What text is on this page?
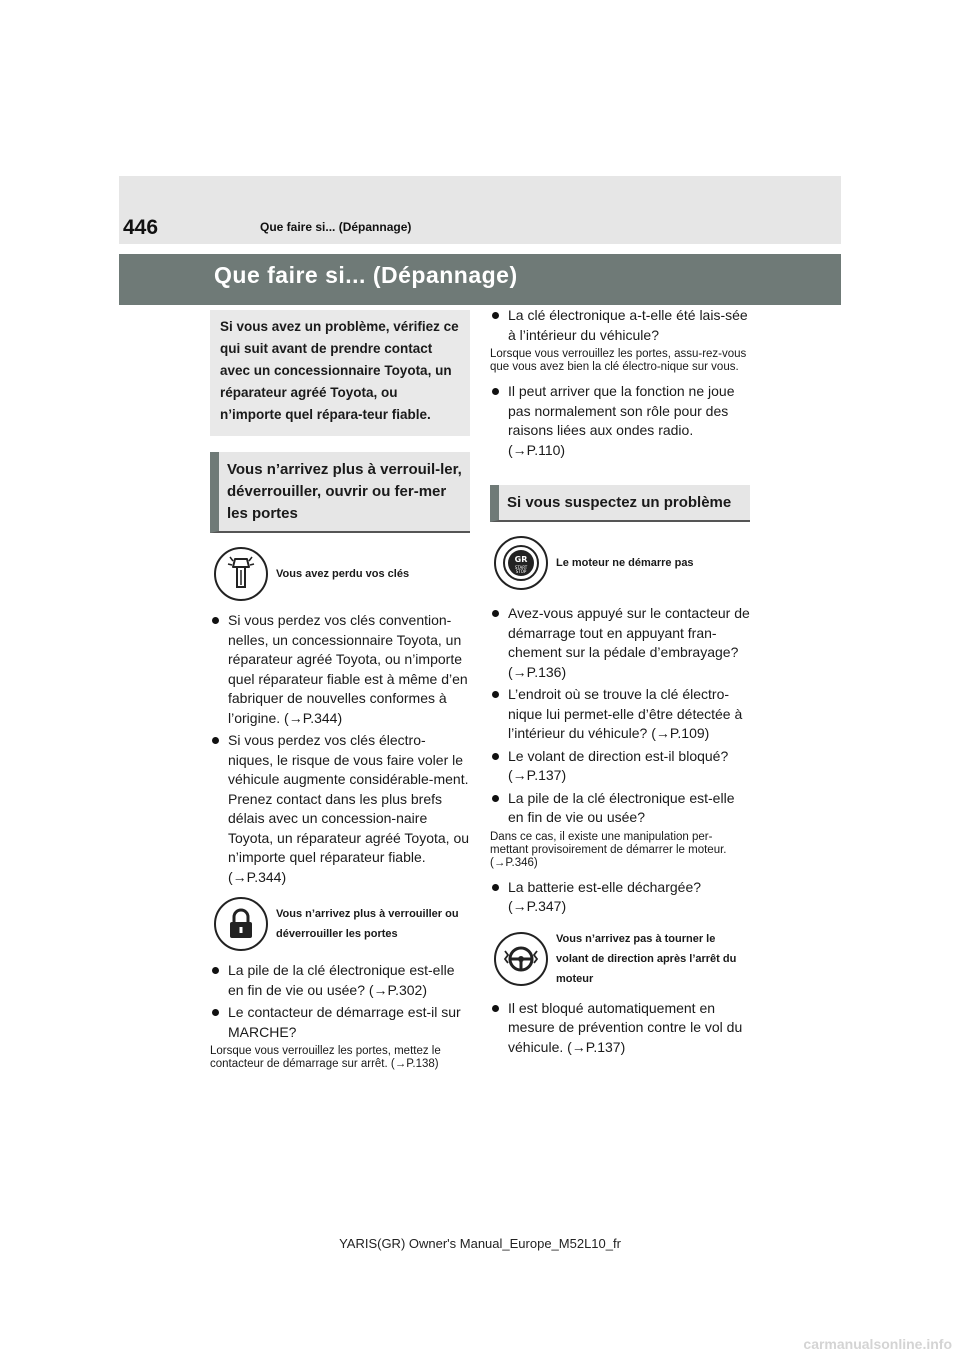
446	Que faire si... (Dépannage)
Que faire si... (Dépannage)
Si vous avez un problème, vérifiez ce qui suit avant de prendre contact avec un concessionnaire Toyota, un réparateur agréé Toyota, ou n’importe quel répara-teur fiable.
Vous n’arrivez plus à verrouil-ler, déverrouiller, ouvrir ou fer-mer les portes
Vous avez perdu vos clés
Si vous perdez vos clés convention-nelles, un concessionnaire Toyota, un réparateur agréé Toyota, ou n’importe quel réparateur fiable est à même d’en fabriquer de nouvelles conformes à l’origine. (→P.344)
Si vous perdez vos clés électro-niques, le risque de vous faire voler le véhicule augmente considérable-ment. Prenez contact dans les plus brefs délais avec un concession-naire Toyota, un réparateur agréé Toyota, ou n’importe quel réparateur fiable. (→P.344)
Vous n’arrivez plus à verrouiller ou déverrouiller les portes
La pile de la clé électronique est-elle en fin de vie ou usée? (→P.302)
Le contacteur de démarrage est-il sur MARCHE?
Lorsque vous verrouillez les portes, mettez le contacteur de démarrage sur arrêt. (→P.138)
La clé électronique a-t-elle été lais-sée à l’intérieur du véhicule?
Lorsque vous verrouillez les portes, assu-rez-vous que vous avez bien la clé électro-nique sur vous.
Il peut arriver que la fonction ne joue pas normalement son rôle pour des raisons liées aux ondes radio. (→P.110)
Si vous suspectez un problème
GR
START
STOP
Le moteur ne démarre pas
Avez-vous appuyé sur le contacteur de démarrage tout en appuyant fran-chement sur la pédale d’embrayage? (→P.136)
L’endroit où se trouve la clé électro-nique lui permet-elle d’être détectée à l’intérieur du véhicule? (→P.109)
Le volant de direction est-il bloqué? (→P.137)
La pile de la clé électronique est-elle en fin de vie ou usée?
Dans ce cas, il existe une manipulation per-mettant provisoirement de démarrer le moteur. (→P.346)
La batterie est-elle déchargée? (→P.347)
Vous n’arrivez pas à tourner le volant de direction après l’arrêt du moteur
Il est bloqué automatiquement en mesure de prévention contre le vol du véhicule. (→P.137)
YARIS(GR) Owner's Manual_Europe_M52L10_fr
carmanualsonline.info
